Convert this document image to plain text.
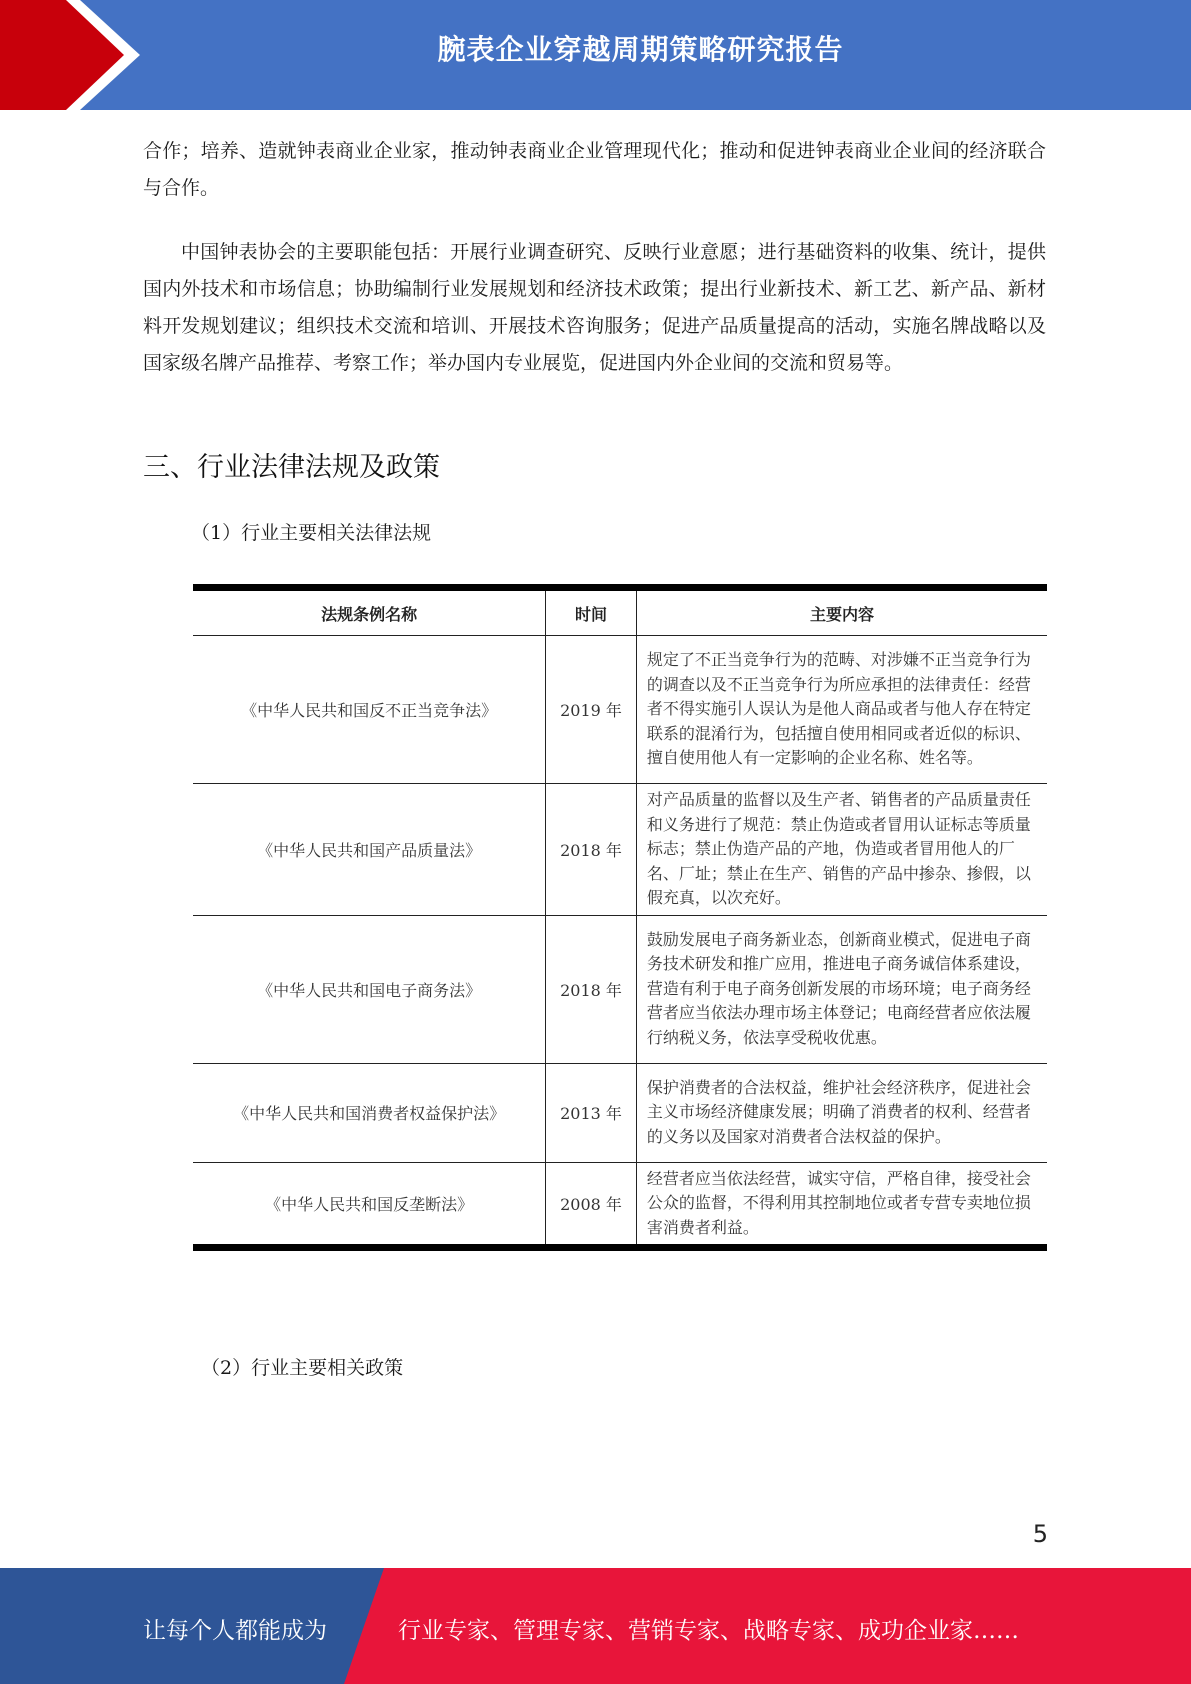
腕表企业穿越周期策略研究报告

合作；培养、造就钟表商业企业家，推动钟表商业企业管理现代化；推动和促进钟表商业企业间的经济联合与合作。

中国钟表协会的主要职能包括：开展行业调查研究、反映行业意愿；进行基础资料的收集、统计，提供国内外技术和市场信息；协助编制行业发展规划和经济技术政策；提出行业新技术、新工艺、新产品、新材料开发规划建议；组织技术交流和培训、开展技术咨询服务；促进产品质量提高的活动，实施名牌战略以及国家级名牌产品推荐、考察工作；举办国内专业展览，促进国内外企业间的交流和贸易等。

三、行业法律法规及政策

（1）行业主要相关法律法规

法规条例名称	时间	主要内容
《中华人民共和国反不正当竞争法》	2019 年	规定了不正当竞争行为的范畴、对涉嫌不正当竞争行为的调查以及不正当竞争行为所应承担的法律责任：经营者不得实施引人误认为是他人商品或者与他人存在特定联系的混淆行为，包括擅自使用相同或者近似的标识、擅自使用他人有一定影响的企业名称、姓名等。
《中华人民共和国产品质量法》	2018 年	对产品质量的监督以及生产者、销售者的产品质量责任和义务进行了规范：禁止伪造或者冒用认证标志等质量标志；禁止伪造产品的产地，伪造或者冒用他人的厂名、厂址；禁止在生产、销售的产品中掺杂、掺假，以假充真，以次充好。
《中华人民共和国电子商务法》	2018 年	鼓励发展电子商务新业态，创新商业模式，促进电子商务技术研发和推广应用，推进电子商务诚信体系建设，营造有利于电子商务创新发展的市场环境；电子商务经营者应当依法办理市场主体登记；电商经营者应依法履行纳税义务，依法享受税收优惠。
《中华人民共和国消费者权益保护法》	2013 年	保护消费者的合法权益，维护社会经济秩序，促进社会主义市场经济健康发展；明确了消费者的权利、经营者的义务以及国家对消费者合法权益的保护。
《中华人民共和国反垄断法》	2008 年	经营者应当依法经营，诚实守信，严格自律，接受社会公众的监督，不得利用其控制地位或者专营专卖地位损害消费者利益。

（2）行业主要相关政策

5
让每个人都能成为	行业专家、管理专家、营销专家、战略专家、成功企业家……
